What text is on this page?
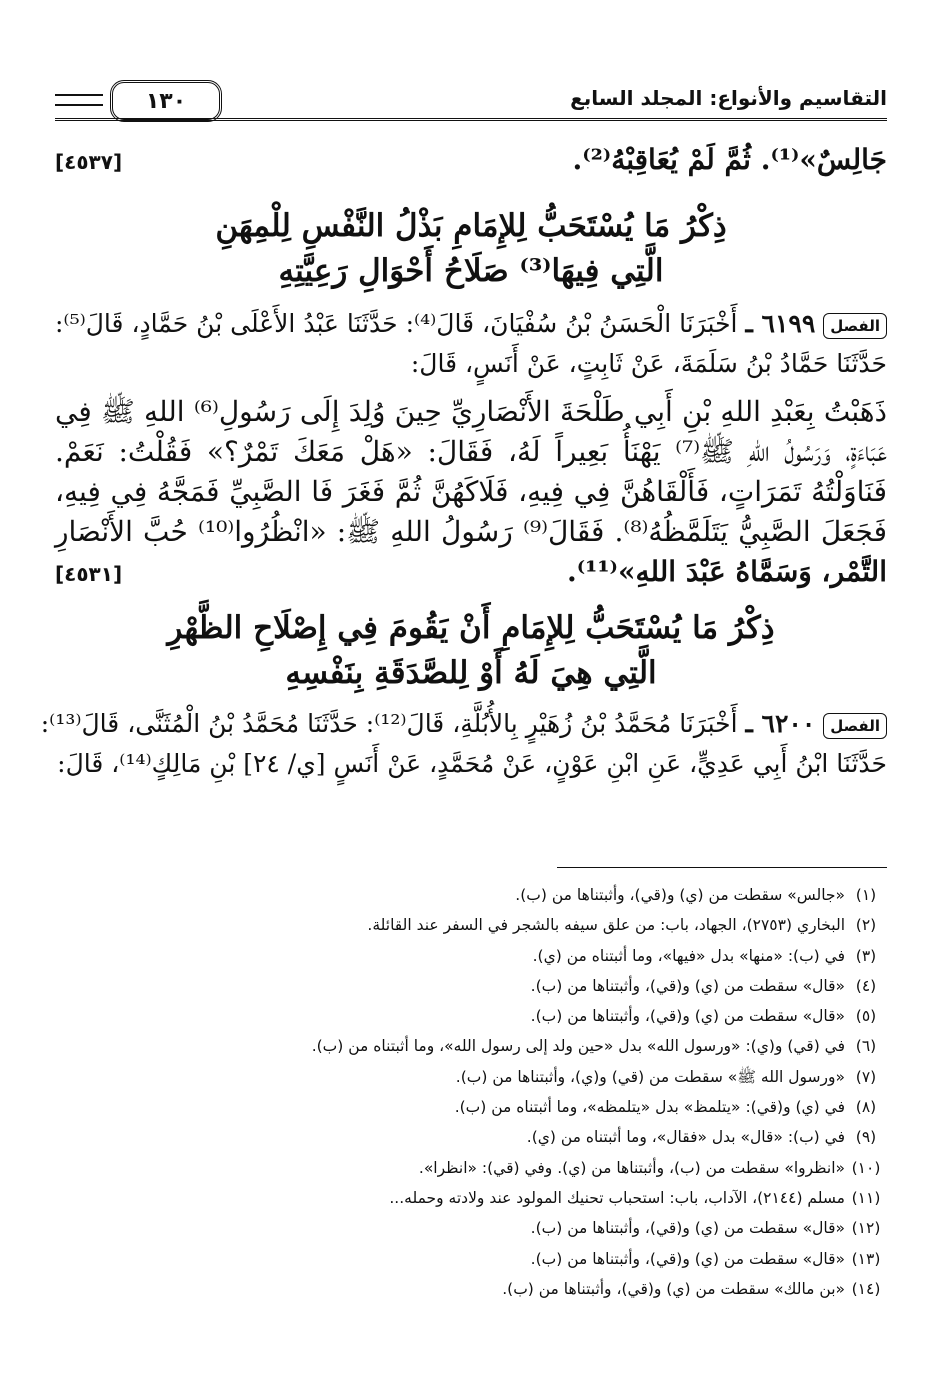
١٣٠	التقاسيم والأنواع: المجلد السابع
جَالِسٌ»⁽¹⁾. ثُمَّ لَمْ يُعَاقِبْهُ⁽²⁾.
[٤٥٣٧]
ذِكْرُ مَا يُسْتَحَبُّ لِلإِمَامِ بَذْلُ النَّفْسِ لِلْمِهَنِ
الَّتِي فِيهَا⁽³⁾ صَلَاحُ أَحْوَالِ رَعِيَّتِهِ
الفصل٦١٩٩ ـ أَخْبَرَنَا الْحَسَنُ بْنُ سُفْيَانَ، قَالَ⁽⁴⁾: حَدَّثَنَا عَبْدُ الأَعْلَى بْنُ حَمَّادٍ، قَالَ⁽⁵⁾:
حَدَّثَنَا حَمَّادُ بْنُ سَلَمَةَ، عَنْ ثَابِتٍ، عَنْ أَنَسٍ، قَالَ:
ذَهَبْتُ بِعَبْدِ اللهِ بْنِ أَبِي طَلْحَةَ الأَنْصَارِيِّ حِينَ وُلِدَ إِلَى رَسُولِ⁽⁶⁾ اللهِ ﷺ فِي
عَبَاءَةٍ، وَرَسُولُ اللهِ ﷺ⁽⁷⁾ يَهْنَأُ بَعِيراً لَهُ، فَقَالَ: «هَلْ مَعَكَ تَمْرٌ؟» فَقُلْتُ: نَعَمْ.
فَنَاوَلْتُهُ تَمَرَاتٍ، فَأَلْقَاهُنَّ فِي فِيهِ، فَلَاكَهُنَّ ثُمَّ فَغَرَ فَا الصَّبِيِّ فَمَجَّهُ فِي فِيهِ،
فَجَعَلَ الصَّبِيُّ يَتَلَمَّظُهُ⁽⁸⁾. فَقَالَ⁽⁹⁾ رَسُولُ اللهِ ﷺ: «انْظُرُوا⁽¹⁰⁾ حُبَّ الأَنْصَارِ
التَّمْر، وَسَمَّاهُ عَبْدَ اللهِ»⁽¹¹⁾.
[٤٥٣١]
ذِكْرُ مَا يُسْتَحَبُّ لِلإِمَامِ أَنْ يَقُومَ فِي إِصْلَاحِ الظَّهْرِ
الَّتِي هِيَ لَهُ أَوْ لِلصَّدَقَةِ بِنَفْسِهِ
الفصل٦٢٠٠ ـ أَخْبَرَنَا مُحَمَّدُ بْنُ زُهَيْرٍ بِالأُبُلَّةِ، قَالَ⁽¹²⁾: حَدَّثَنَا مُحَمَّدُ بْنُ الْمُثَنَّى، قَالَ⁽¹³⁾:
حَدَّثَنَا ابْنُ أَبِي عَدِيٍّ، عَنِ ابْنِ عَوْنٍ، عَنْ مُحَمَّدٍ، عَنْ أَنَسٍ [ي/ ٢٤] بْنِ مَالِكٍ⁽¹⁴⁾، قَالَ:
(١)«جالس» سقطت من (ي) و(قي)، وأثبتناها من (ب).
(٢)البخاري (٢٧٥٣)، الجهاد، باب: من علق سيفه بالشجر في السفر عند القائلة.
(٣)في (ب): «منها» بدل «فيها»، وما أثبتناه من (ي).
(٤)«قال» سقطت من (ي) و(قي)، وأثبتناها من (ب).
(٥)«قال» سقطت من (ي) و(قي)، وأثبتناها من (ب).
(٦)في (قي) و(ي): «ورسول الله» بدل «حين ولد إلى رسول الله»، وما أثبتناه من (ب).
(٧)«ورسول الله ﷺ» سقطت من (قي) و(ي)، وأثبتناها من (ب).
(٨)في (ي) و(قي): «يتلمظ» بدل «يتلمظه»، وما أثبتناه من (ب).
(٩)في (ب): «قال» بدل «فقال»، وما أثبتناه من (ي).
(١٠)«انظروا» سقطت من (ب)، وأثبتناها من (ي). وفي (قي): «انظرا».
(١١)مسلم (٢١٤٤)، الآداب، باب: استحباب تحنيك المولود عند ولادته وحمله...
(١٢)«قال» سقطت من (ي) و(قي)، وأثبتناها من (ب).
(١٣)«قال» سقطت من (ي) و(قي)، وأثبتناها من (ب).
(١٤)«بن مالك» سقطت من (ي) و(قي)، وأثبتناها من (ب).
